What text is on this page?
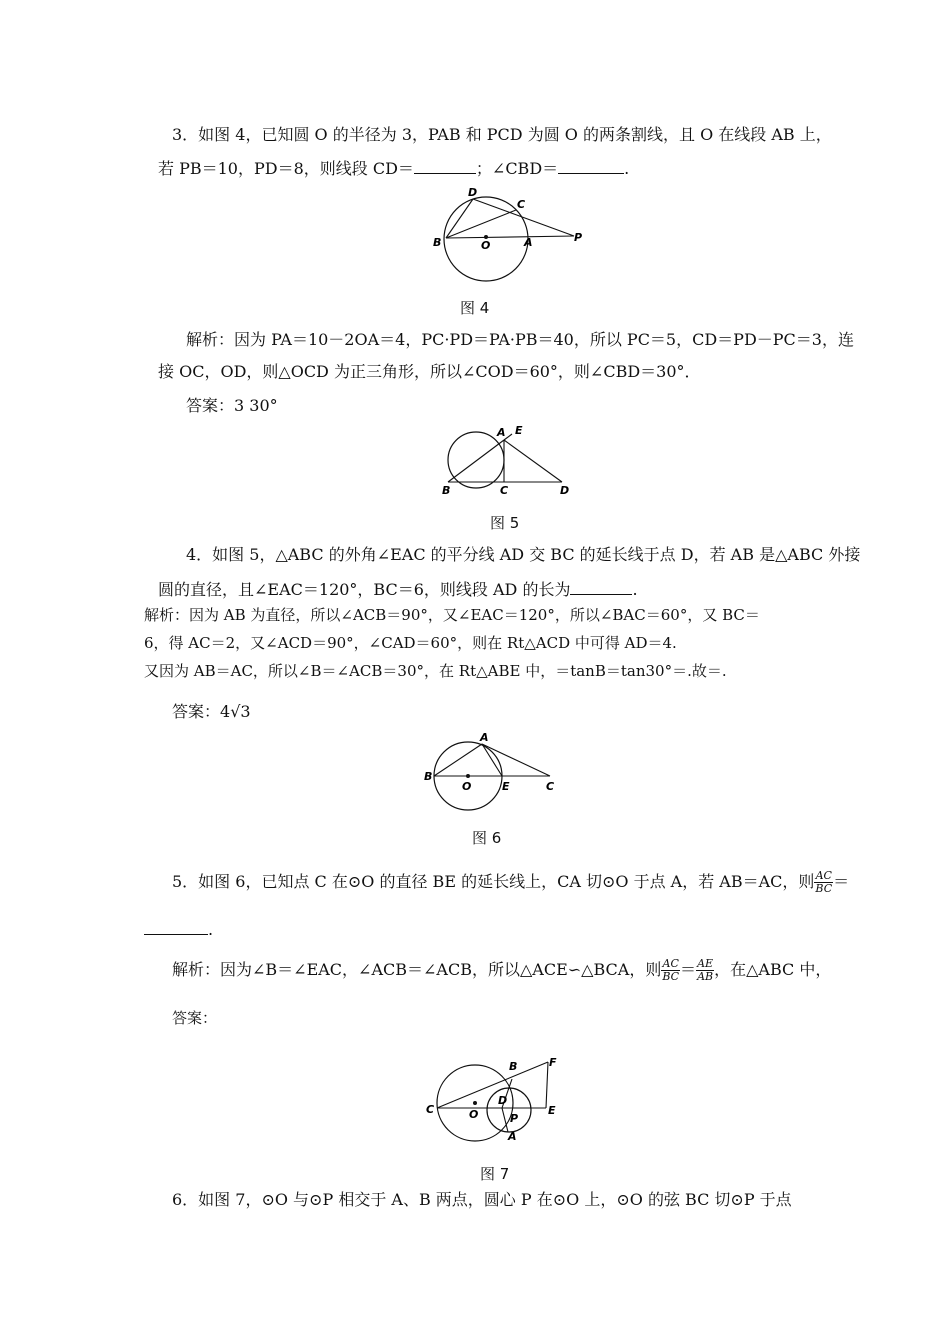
3．如图 4，已知圆 O 的半径为 3，PAB 和 PCD 为圆 O 的两条割线，且 O 在线段 AB 上，
若 PB＝10，PD＝8，则线段 CD＝	；∠CBD＝	.
D
C
B	O	A	P
图 4
解析：因为 PA＝10－2OA＝4，PC·PD＝PA·PB＝40，所以 PC＝5，CD＝PD－PC＝3，连
接 OC，OD，则△OCD 为正三角形，所以∠COD＝60°，则∠CBD＝30°．
答案：3 30°
A E
B	C	D
图 5
4．如图 5，△ABC 的外角∠EAC 的平分线 AD 交 BC 的延长线于点 D，若 AB 是△ABC 外接
圆的直径，且∠EAC＝120°，BC＝6，则线段 AD 的长为	.
解析：因为 AB 为直径，所以∠ACB＝90°，又∠EAC＝120°，所以∠BAC＝60°，又 BC＝
6，得 AC＝2，又∠ACD＝90°，∠CAD＝60°，则在 Rt△ACD 中可得 AD＝4.
又因为 AB＝AC，所以∠B＝∠ACB＝30°，在 Rt△ABE 中，＝tanB＝tan30°＝.故＝.
答案：4√3
A
B
O	E	C
图 6
5．如图 6，已知点 C 在⊙O 的直径 BE 的延长线上，CA 切⊙O 于点 A，若 AB＝AC，则 $\frac{AC}{BC}$ ＝
.
解析：因为∠B＝∠EAC，∠ACB＝∠ACB，所以△ACE∽△BCA，则 $\frac{AC}{BC} = \frac{AE}{AB}$ ，在△ABC 中，
答案：
B	F
C	O
D
E
P
A
图 7
6．如图 7，⊙O 与⊙P 相交于 A、B 两点，圆心 P 在⊙O 上，⊙O 的弦 BC 切⊙P 于点
